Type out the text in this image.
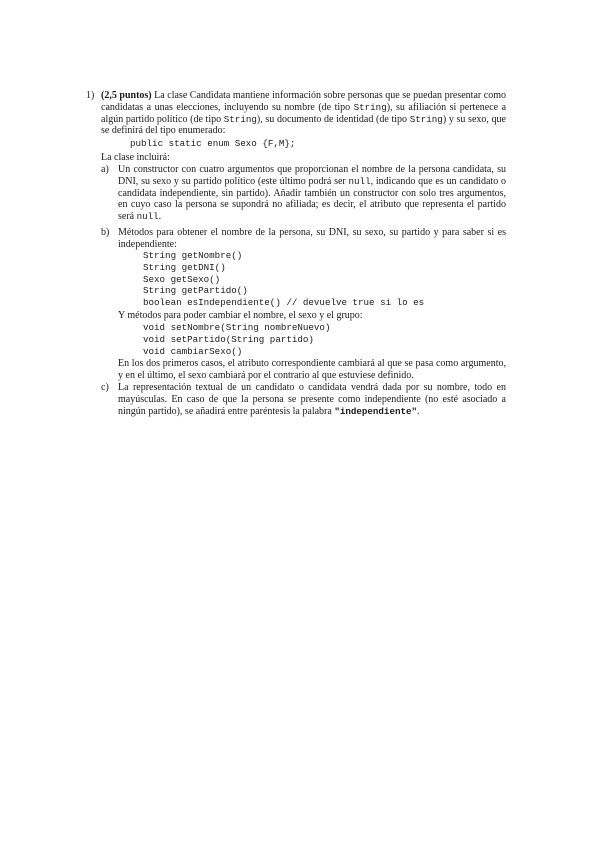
1) (2,5 puntos) La clase Candidata mantiene información sobre personas que se puedan presentar como candidatas a unas elecciones, incluyendo su nombre (de tipo String), su afiliación si pertenece a algún partido político (de tipo String), su documento de identidad (de tipo String) y su sexo, que se definirá del tipo enumerado:
public static enum Sexo {F,M};
La clase incluirá:
a) Un constructor con cuatro argumentos que proporcionan el nombre de la persona candidata, su DNI, su sexo y su partido político (este último podrá ser null, indicando que es un candidato o candidata independiente, sin partido). Añadir también un constructor con solo tres argumentos, en cuyo caso la persona se supondrá no afiliada; es decir, el atributo que representa el partido será null.
b) Métodos para obtener el nombre de la persona, su DNI, su sexo, su partido y para saber si es independiente:
String getNombre()
String getDNI()
Sexo getSexo()
String getPartido()
boolean esIndependiente() // devuelve true si lo es
Y métodos para poder cambiar el nombre, el sexo y el grupo:
void setNombre(String nombreNuevo)
void setPartido(String partido)
void cambiarSexo()
En los dos primeros casos, el atributo correspondiente cambiará al que se pasa como argumento, y en el último, el sexo cambiará por el contrario al que estuviese definido.
c) La representación textual de un candidato o candidata vendrá dada por su nombre, todo en mayúsculas. En caso de que la persona se presente como independiente (no esté asociado a ningún partido), se añadirá entre paréntesis la palabra "independiente".
